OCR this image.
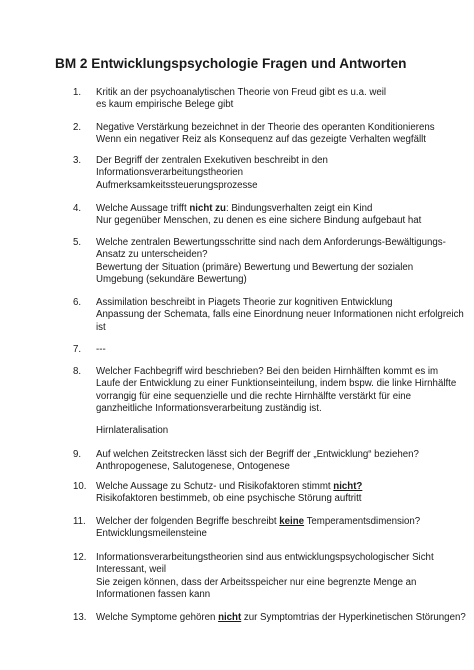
BM 2 Entwicklungspsychologie Fragen und Antworten
1.	Kritik an der psychoanalytischen Theorie von Freud gibt es u.a. weil
es kaum empirische Belege gibt
2.	Negative Verstärkung bezeichnet in der Theorie des operanten Konditionierens
Wenn ein negativer Reiz als Konsequenz auf das gezeigte Verhalten wegfällt
3.	Der Begriff der zentralen Exekutiven beschreibt in den
Informationsverarbeitungstheorien
Aufmerksamkeitssteuerungsprozesse
4.	Welche Aussage trifft nicht zu: Bindungsverhalten zeigt ein Kind
Nur gegenüber Menschen, zu denen es eine sichere Bindung aufgebaut hat
5.	Welche zentralen Bewertungsschritte sind nach dem Anforderungs-Bewältigungs-
Ansatz zu unterscheiden?
Bewertung der Situation (primäre) Bewertung und Bewertung der sozialen
Umgebung (sekundäre Bewertung)
6.	Assimilation beschreibt in Piagets Theorie zur kognitiven Entwicklung
Anpassung der Schemata, falls eine Einordnung neuer Informationen nicht erfolgreich
ist
7.	---
8.	Welcher Fachbegriff wird beschrieben? Bei den beiden Hirnhälften kommt es im
Laufe der Entwicklung zu einer Funktionseinteilung, indem bspw. die linke Hirnhälfte
vorrangig für eine sequenzielle und die rechte Hirnhälfte verstärkt für eine
ganzheitliche Informationsverarbeitung zuständig ist.
Hirnlateralisation
9.	Auf welchen Zeitstrecken lässt sich der Begriff der „Entwicklung“ beziehen?
Anthropogenese, Salutogenese, Ontogenese
10. Welche Aussage zu Schutz- und Risikofaktoren stimmt nicht?
Risikofaktoren bestimmeb, ob eine psychische Störung auftritt
11.	Welcher der folgenden Begriffe beschreibt keine Temperamentsdimension?
Entwicklungsmeilensteine
12. Informationsverarbeitungstheorien sind aus entwicklungspsychologischer Sicht
Interessant, weil
Sie zeigen können, dass der Arbeitsspeicher nur eine begrenzte Menge an
Informationen fassen kann
13. Welche Symptome gehören nicht zur Symptomtrias der Hyperkinetischen Störungen?
